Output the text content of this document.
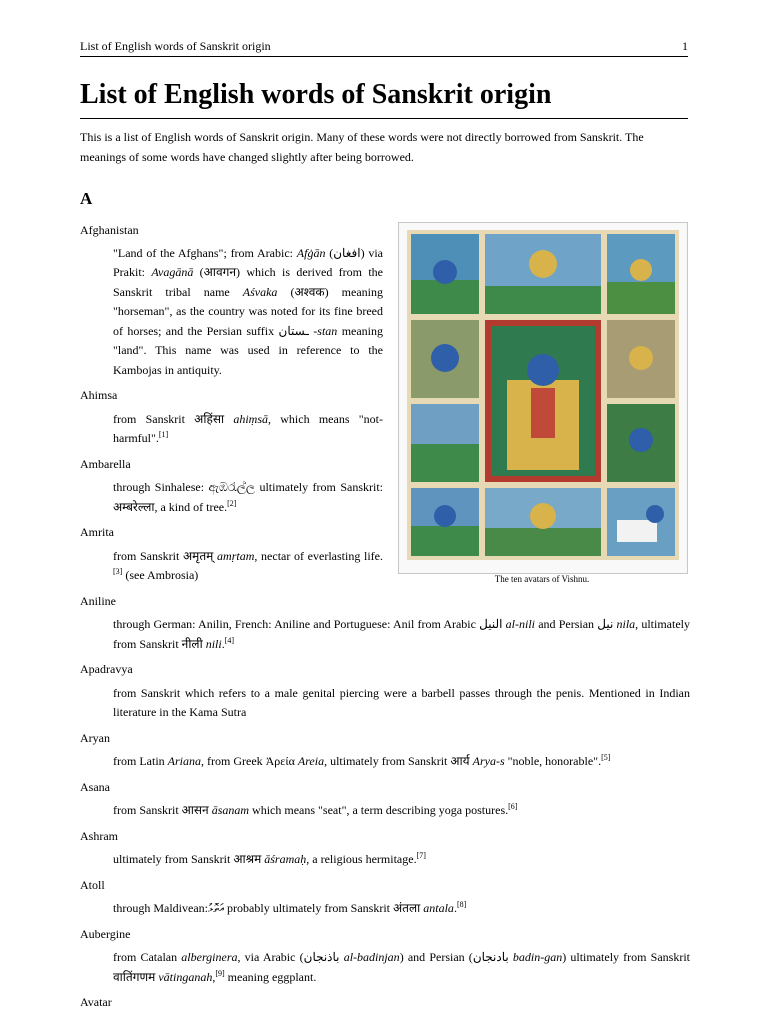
List of English words of Sanskrit origin	1
List of English words of Sanskrit origin
This is a list of English words of Sanskrit origin. Many of these words were not directly borrowed from Sanskrit. The meanings of some words have changed slightly after being borrowed.
A
The ten avatars of Vishnu.
Afghanistan
"Land of the Afghans"; from Arabic: Afġān (افغان) via Prakit: Avagānā (आवगन) which is derived from the Sanskrit tribal name Aśvaka (अश्वक) meaning "horseman", as the country was noted for its fine breed of horses; and the Persian suffix ـستان -stan meaning "land". This name was used in reference to the Kambojas in antiquity.
Ahimsa
from Sanskrit अहिंसा ahiṃsā, which means "not-harmful".[1]
Ambarella
through Sinhalese: ඇඹරැල්ල ultimately from Sanskrit: अम्बरेल्ला, a kind of tree.[2]
Amrita
from Sanskrit अमृतम् amṛtam, nectar of everlasting life.[3] (see Ambrosia)
Aniline
through German: Anilin, French: Aniline and Portuguese: Anil from Arabic النيل al-nili and Persian نیل nila, ultimately from Sanskrit नीली nili.[4]
Apadravya
from Sanskrit which refers to a male genital piercing were a barbell passes through the penis. Mentioned in Indian literature in the Kama Sutra
Aryan
from Latin Ariana, from Greek Ἀρεία Areia, ultimately from Sanskrit आर्य Arya-s "noble, honorable".[5]
Asana
from Sanskrit आसन āsanam which means "seat", a term describing yoga postures.[6]
Ashram
ultimately from Sanskrit आश्रम āśramaḥ, a religious hermitage.[7]
Atoll
through Maldivean:އަތޮޅު probably ultimately from Sanskrit अंतला antala.[8]
Aubergine
from Catalan alberginera, via Arabic (باذنجان al-badinjan) and Persian (بادنجان badin-gan) ultimately from Sanskrit वातिंगणम vātinganah,[9] meaning eggplant.
Avatar
